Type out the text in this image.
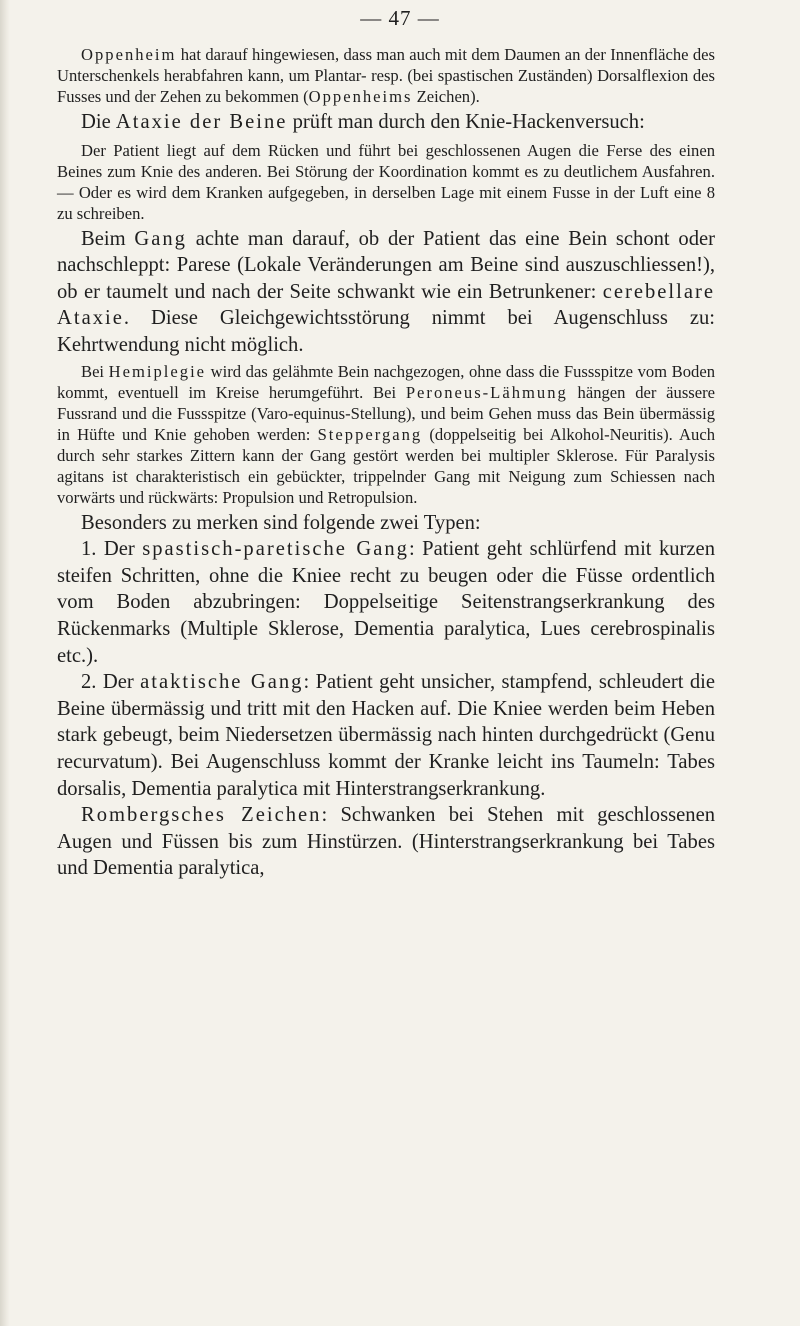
— 47 —

Oppenheim hat darauf hingewiesen, dass man auch mit dem Daumen an der Innenfläche des Unterschenkels herabfahren kann, um Plantar- resp. (bei spastischen Zuständen) Dorsalflexion des Fusses und der Zehen zu bekommen (Oppenheims Zeichen).

Die Ataxie der Beine prüft man durch den Knie-Hackenversuch:

Der Patient liegt auf dem Rücken und führt bei geschlossenen Augen die Ferse des einen Beines zum Knie des anderen. Bei Störung der Koordination kommt es zu deutlichem Ausfahren. — Oder es wird dem Kranken aufgegeben, in derselben Lage mit einem Fusse in der Luft eine 8 zu schreiben.

Beim Gang achte man darauf, ob der Patient das eine Bein schont oder nachschleppt: Parese (Lokale Veränderungen am Beine sind auszuschliessen!), ob er taumelt und nach der Seite schwankt wie ein Betrunkener: cerebellare Ataxie. Diese Gleichgewichtsstörung nimmt bei Augenschluss zu: Kehrtwendung nicht möglich.

Bei Hemiplegie wird das gelähmte Bein nachgezogen, ohne dass die Fussspitze vom Boden kommt, eventuell im Kreise herumgeführt. Bei Peroneus-Lähmung hängen der äussere Fussrand und die Fussspitze (Varo-equinus-Stellung), und beim Gehen muss das Bein übermässig in Hüfte und Knie gehoben werden: Steppergang (doppelseitig bei Alkohol-Neuritis). Auch durch sehr starkes Zittern kann der Gang gestört werden bei multipler Sklerose. Für Paralysis agitans ist charakteristisch ein gebückter, trippelnder Gang mit Neigung zum Schiessen nach vorwärts und rückwärts: Propulsion und Retropulsion.

Besonders zu merken sind folgende zwei Typen:

1. Der spastisch-paretische Gang: Patient geht schlürfend mit kurzen steifen Schritten, ohne die Kniee recht zu beugen oder die Füsse ordentlich vom Boden abzubringen: Doppelseitige Seitenstrangserkrankung des Rückenmarks (Multiple Sklerose, Dementia paralytica, Lues cerebrospinalis etc.).

2. Der ataktische Gang: Patient geht unsicher, stampfend, schleudert die Beine übermässig und tritt mit den Hacken auf. Die Kniee werden beim Heben stark gebeugt, beim Niedersetzen übermässig nach hinten durchgedrückt (Genu recurvatum). Bei Augenschluss kommt der Kranke leicht ins Taumeln: Tabes dorsalis, Dementia paralytica mit Hinterstrangserkrankung.

Rombergsches Zeichen: Schwanken bei Stehen mit geschlossenen Augen und Füssen bis zum Hinstürzen. (Hinterstrangserkrankung bei Tabes und Dementia paralytica,
